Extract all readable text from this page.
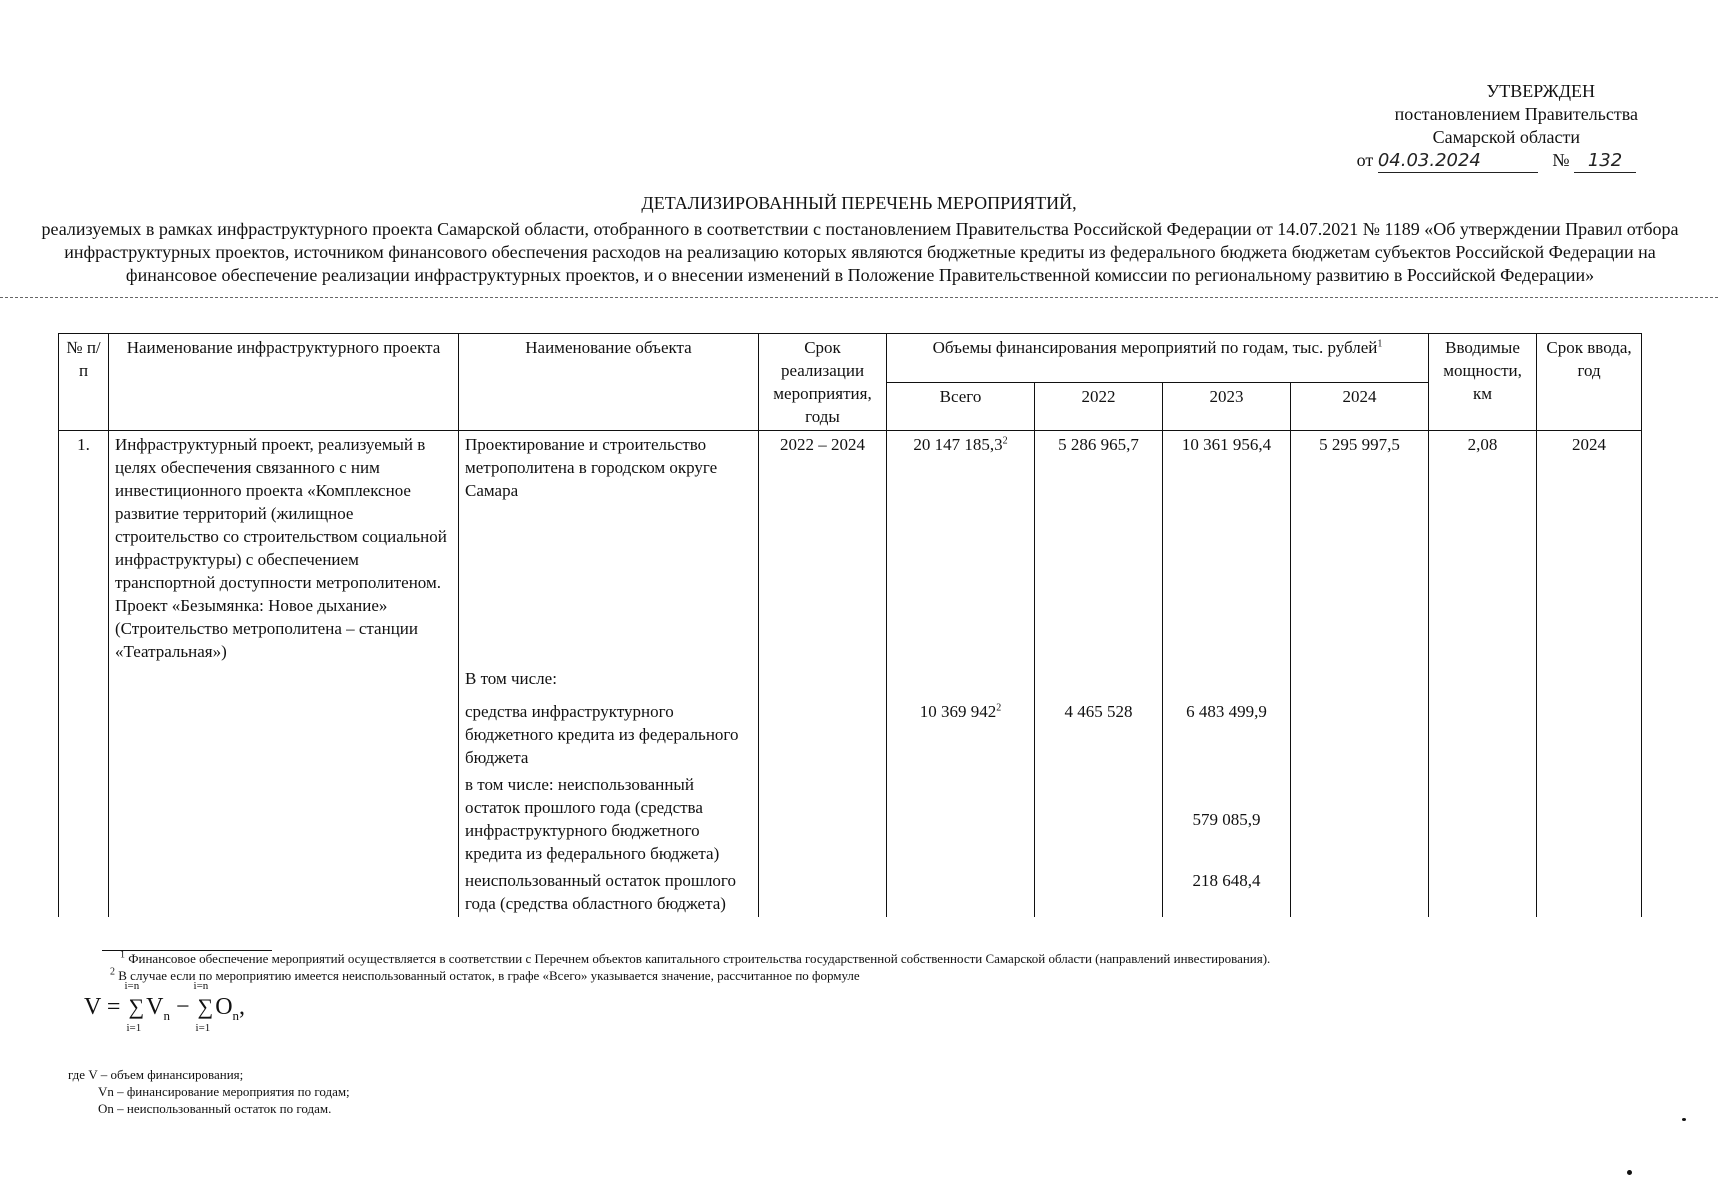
УТВЕРЖДЕН
постановлением Правительства
Самарской области
от 04.03.2024	№ 132
ДЕТАЛИЗИРОВАННЫЙ ПЕРЕЧЕНЬ МЕРОПРИЯТИЙ,
реализуемых в рамках инфраструктурного проекта Самарской области, отобранного в соответствии с постановлением Правительства Российской Федерации от 14.07.2021 № 1189 «Об утверждении Правил отбора инфраструктурных проектов, источником финансового обеспечения расходов на реализацию которых являются бюджетные кредиты из федерального бюджета бюджетам субъектов Российской Федерации на финансовое обеспечение реализации инфраструктурных проектов, и о внесении изменений в Положение Правительственной комиссии по региональному развитию в Российской Федерации»
№ п/п	Наименование инфраструктурного проекта	Наименование объекта	Срок реализации мероприятия, годы	Объемы финансирования мероприятий по годам, тыс. рублей$^1$				Вводимые мощности, км	Срок ввода, год
				Всего	2022	2023	2024		
1.	Инфраструктурный проект, реализуемый в целях обеспечения связанного с ним инвестиционного проекта «Комплексное развитие территорий (жилищное строительство со строительством социальной инфраструктуры) с обеспечением транспортной доступности метрополитеном. Проект «Безымянка: Новое дыхание» (Строительство метрополитена – станции «Театральная»)	Проектирование и строительство метрополитена в городском округе Самара	2022 – 2024	20 147 185,3$^2$	5 286 965,7	10 361 956,4	5 295 997,5	2,08	2024
		В том числе:							
		средства инфраструктурного бюджетного кредита из федерального бюджета		10 369 $942^2$	4 465 528	6 483 499,9			
		в том числе: неиспользованный остаток прошлого года (средства инфраструктурного бюджетного кредита из федерального бюджета)				579 085,9			
		неиспользованный остаток прошлого года (средства областного бюджета)				218 648,4			
$^1$ Финансовое обеспечение мероприятий осуществляется в соответствии с Перечнем объектов капитального строительства государственной собственности Самарской области (направлений инвестирования).
$^2$ В случае если по мероприятию имеется неиспользованный остаток, в графе «Всего» указывается значение, рассчитанное по формуле
V = ∑
i=n
i=1
$V_n$ − ∑
i=n
i=1
$O_n$,
где V – объем финансирования;
Vn – финансирование мероприятия по годам;
On – неиспользованный остаток по годам.
